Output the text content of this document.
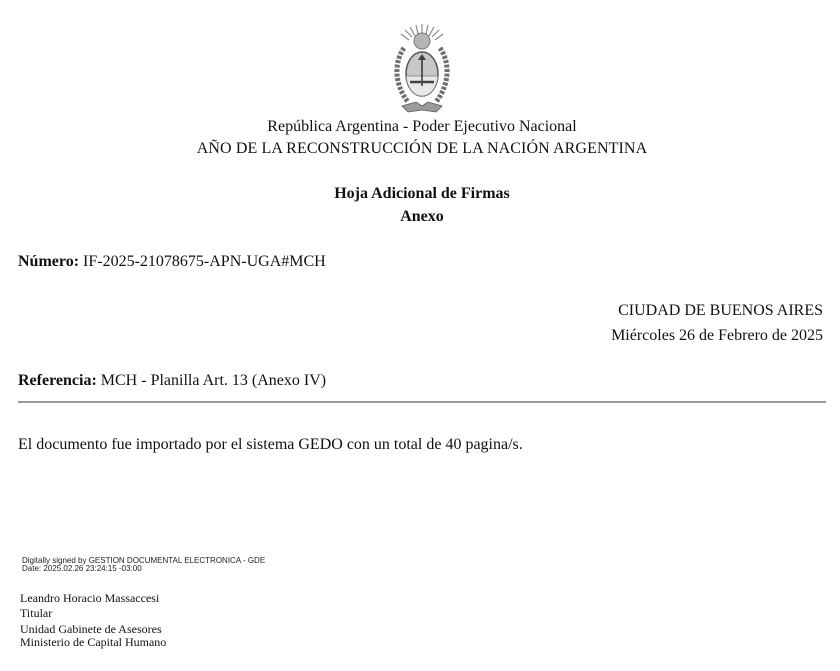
República Argentina - Poder Ejecutivo Nacional
AÑO DE LA RECONSTRUCCIÓN DE LA NACIÓN ARGENTINA
Hoja Adicional de Firmas
Anexo
Número: IF-2025-21078675-APN-UGA#MCH
CIUDAD DE BUENOS AIRES
Miércoles 26 de Febrero de 2025
Referencia: MCH - Planilla Art. 13 (Anexo IV)
El documento fue importado por el sistema GEDO con un total de 40 pagina/s.
Digitally signed by GESTION DOCUMENTAL ELECTRONICA - GDE
Date: 2025.02.26 23:24:15 -03:00
Leandro Horacio Massaccesi
Titular
Unidad Gabinete de Asesores
Ministerio de Capital Humano
